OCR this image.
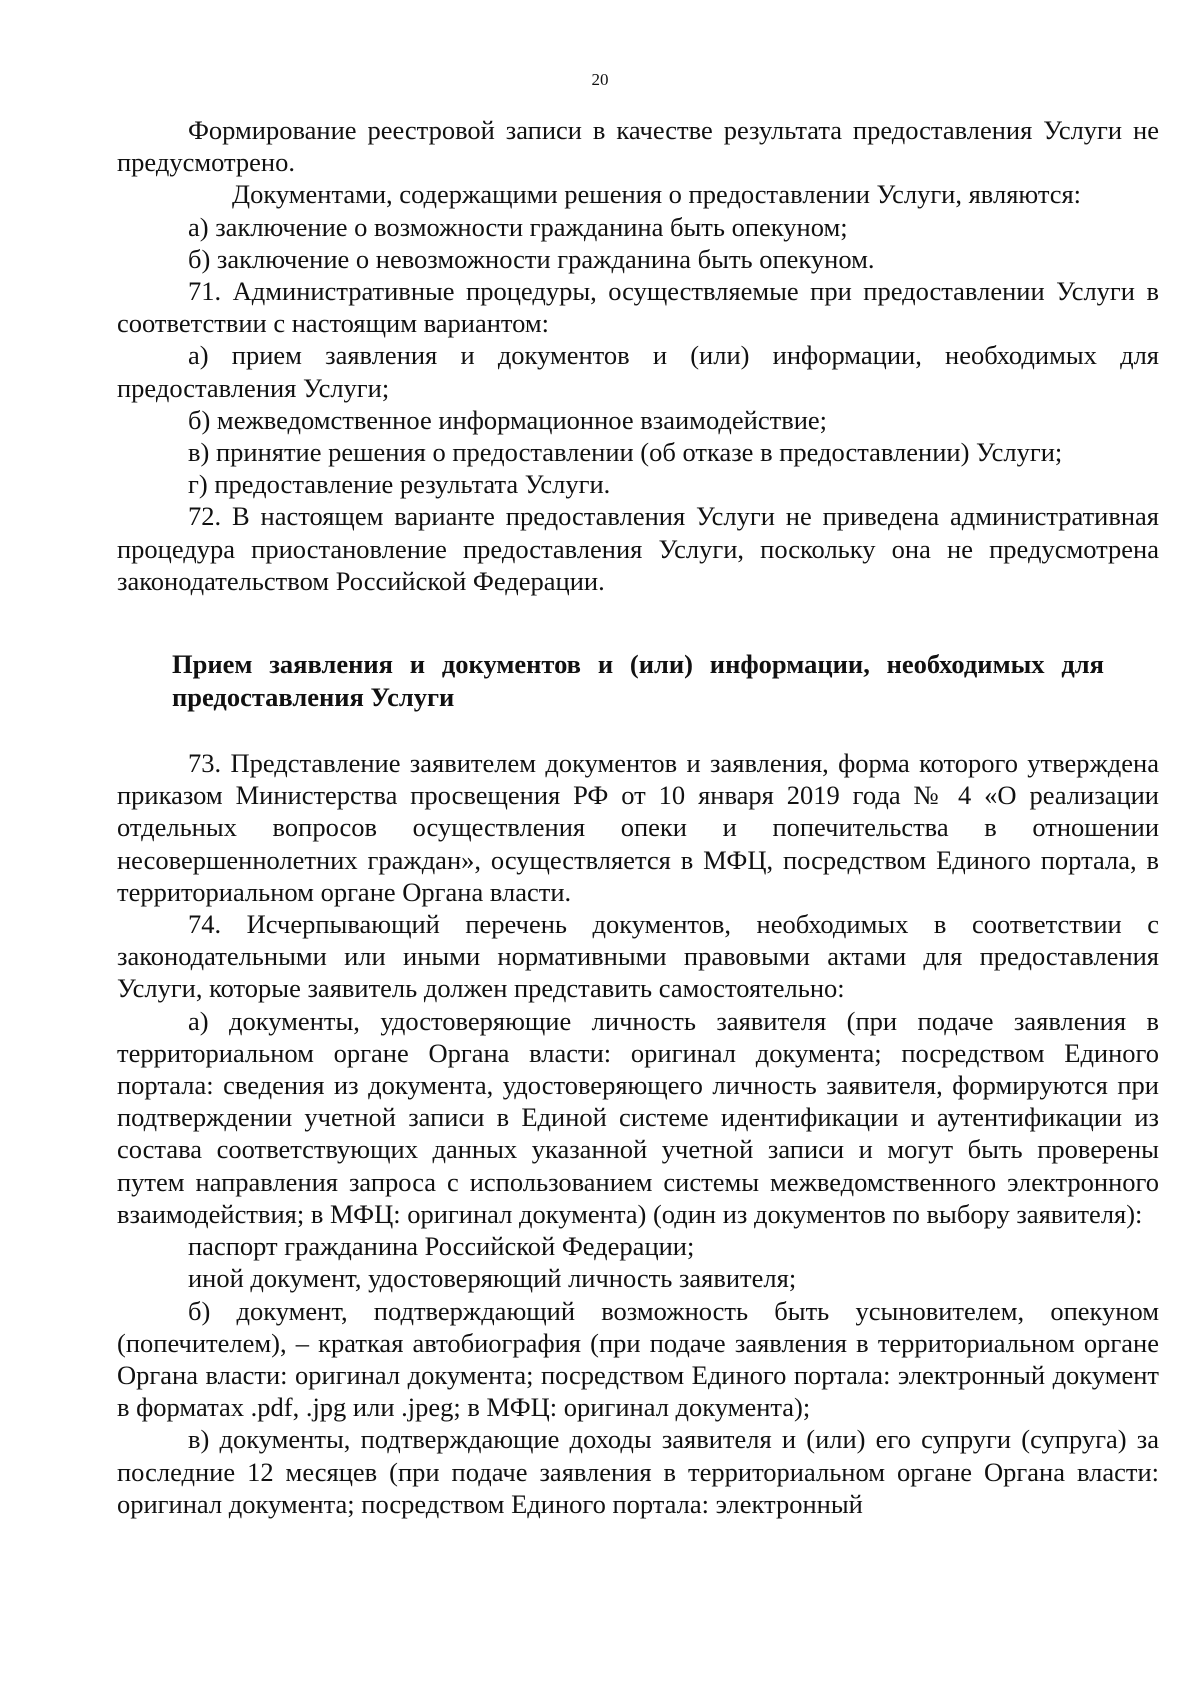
20

Формирование реестровой записи в качестве результата предоставления Услуги не предусмотрено.

Документами, содержащими решения о предоставлении Услуги, являются:

а) заключение о возможности гражданина быть опекуном;

б) заключение о невозможности гражданина быть опекуном.

71. Административные процедуры, осуществляемые при предоставлении Услуги в соответствии с настоящим вариантом:

а) прием заявления и документов и (или) информации, необходимых для предоставления Услуги;

б) межведомственное информационное взаимодействие;

в) принятие решения о предоставлении (об отказе в предоставлении) Услуги;

г) предоставление результата Услуги.

72. В настоящем варианте предоставления Услуги не приведена административная процедура приостановление предоставления Услуги, поскольку она не предусмотрена законодательством Российской Федерации.

Прием заявления и документов и (или) информации, необходимых для предоставления Услуги

73. Представление заявителем документов и заявления, форма которого утверждена приказом Министерства просвещения РФ от 10 января 2019 года № 4 «О реализации отдельных вопросов осуществления опеки и попечительства в отношении несовершеннолетних граждан», осуществляется в МФЦ, посредством Единого портала, в территориальном органе Органа власти.

74. Исчерпывающий перечень документов, необходимых в соответствии с законодательными или иными нормативными правовыми актами для предоставления Услуги, которые заявитель должен представить самостоятельно:

а) документы, удостоверяющие личность заявителя (при подаче заявления в территориальном органе Органа власти: оригинал документа; посредством Единого портала: сведения из документа, удостоверяющего личность заявителя, формируются при подтверждении учетной записи в Единой системе идентификации и аутентификации из состава соответствующих данных указанной учетной записи и могут быть проверены путем направления запроса с использованием системы межведомственного электронного взаимодействия; в МФЦ: оригинал документа) (один из документов по выбору заявителя):

паспорт гражданина Российской Федерации;

иной документ, удостоверяющий личность заявителя;

б) документ, подтверждающий возможность быть усыновителем, опекуном (попечителем), – краткая автобиография (при подаче заявления в территориальном органе Органа власти: оригинал документа; посредством Единого портала: электронный документ в форматах .pdf, .jpg или .jpeg; в МФЦ: оригинал документа);

в) документы, подтверждающие доходы заявителя и (или) его супруги (супруга) за последние 12 месяцев (при подаче заявления в территориальном органе Органа власти: оригинал документа; посредством Единого портала: электронный
